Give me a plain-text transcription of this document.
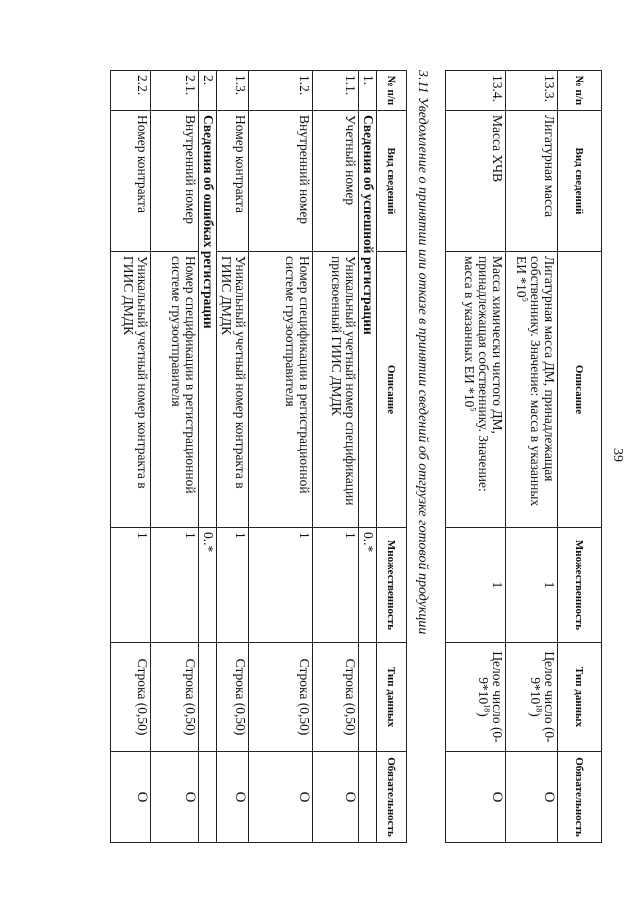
39
№ п/п	Вид сведений	Описание	Множественность	Тип данных	Обязательность
13.3.	Лигатурная масса	Лигатурная масса ДМ, принадлежащая собственнику. Значение: масса в указанных ЕИ $*10^5$	1	Целое число $(0-9*10^{18})$	О
13.4.	Масса ХЧВ	Масса химически чистого ДМ, принадлежащая собственнику. Значение: масса в указанных ЕИ $*10^5$	1	Целое число $(0-9*10^{18})$	О
3.11 Уведомление о принятии или отказе в принятии сведений об отгрузке готовой продукции
№ п/п	Вид сведений	Описание	Множественность	Тип данных	Обязательность
1.	Сведения об успешной регистрации		0..*		
1.1.	Учетный номер	Уникальный учетный номер спецификации присвоенный ГИИС ДМДК	1	Строка (0,50)	О
1.2.	Внутренний номер	Номер спецификации в регистрационной системе грузоотправителя	1	Строка (0,50)	О
1.3.	Номер контракта	Уникальный учетный номер контракта в ГИИС ДМДК	1	Строка (0,50)	О
2.	Сведения об ошибках регистрации		0..*		
2.1.	Внутренний номер	Номер спецификации в регистрационной системе грузоотправителя	1	Строка (0,50)	О
2.2.	Номер контракта	Уникальный учетный номер контракта в ГИИС ДМДК	1	Строка (0,50)	О
